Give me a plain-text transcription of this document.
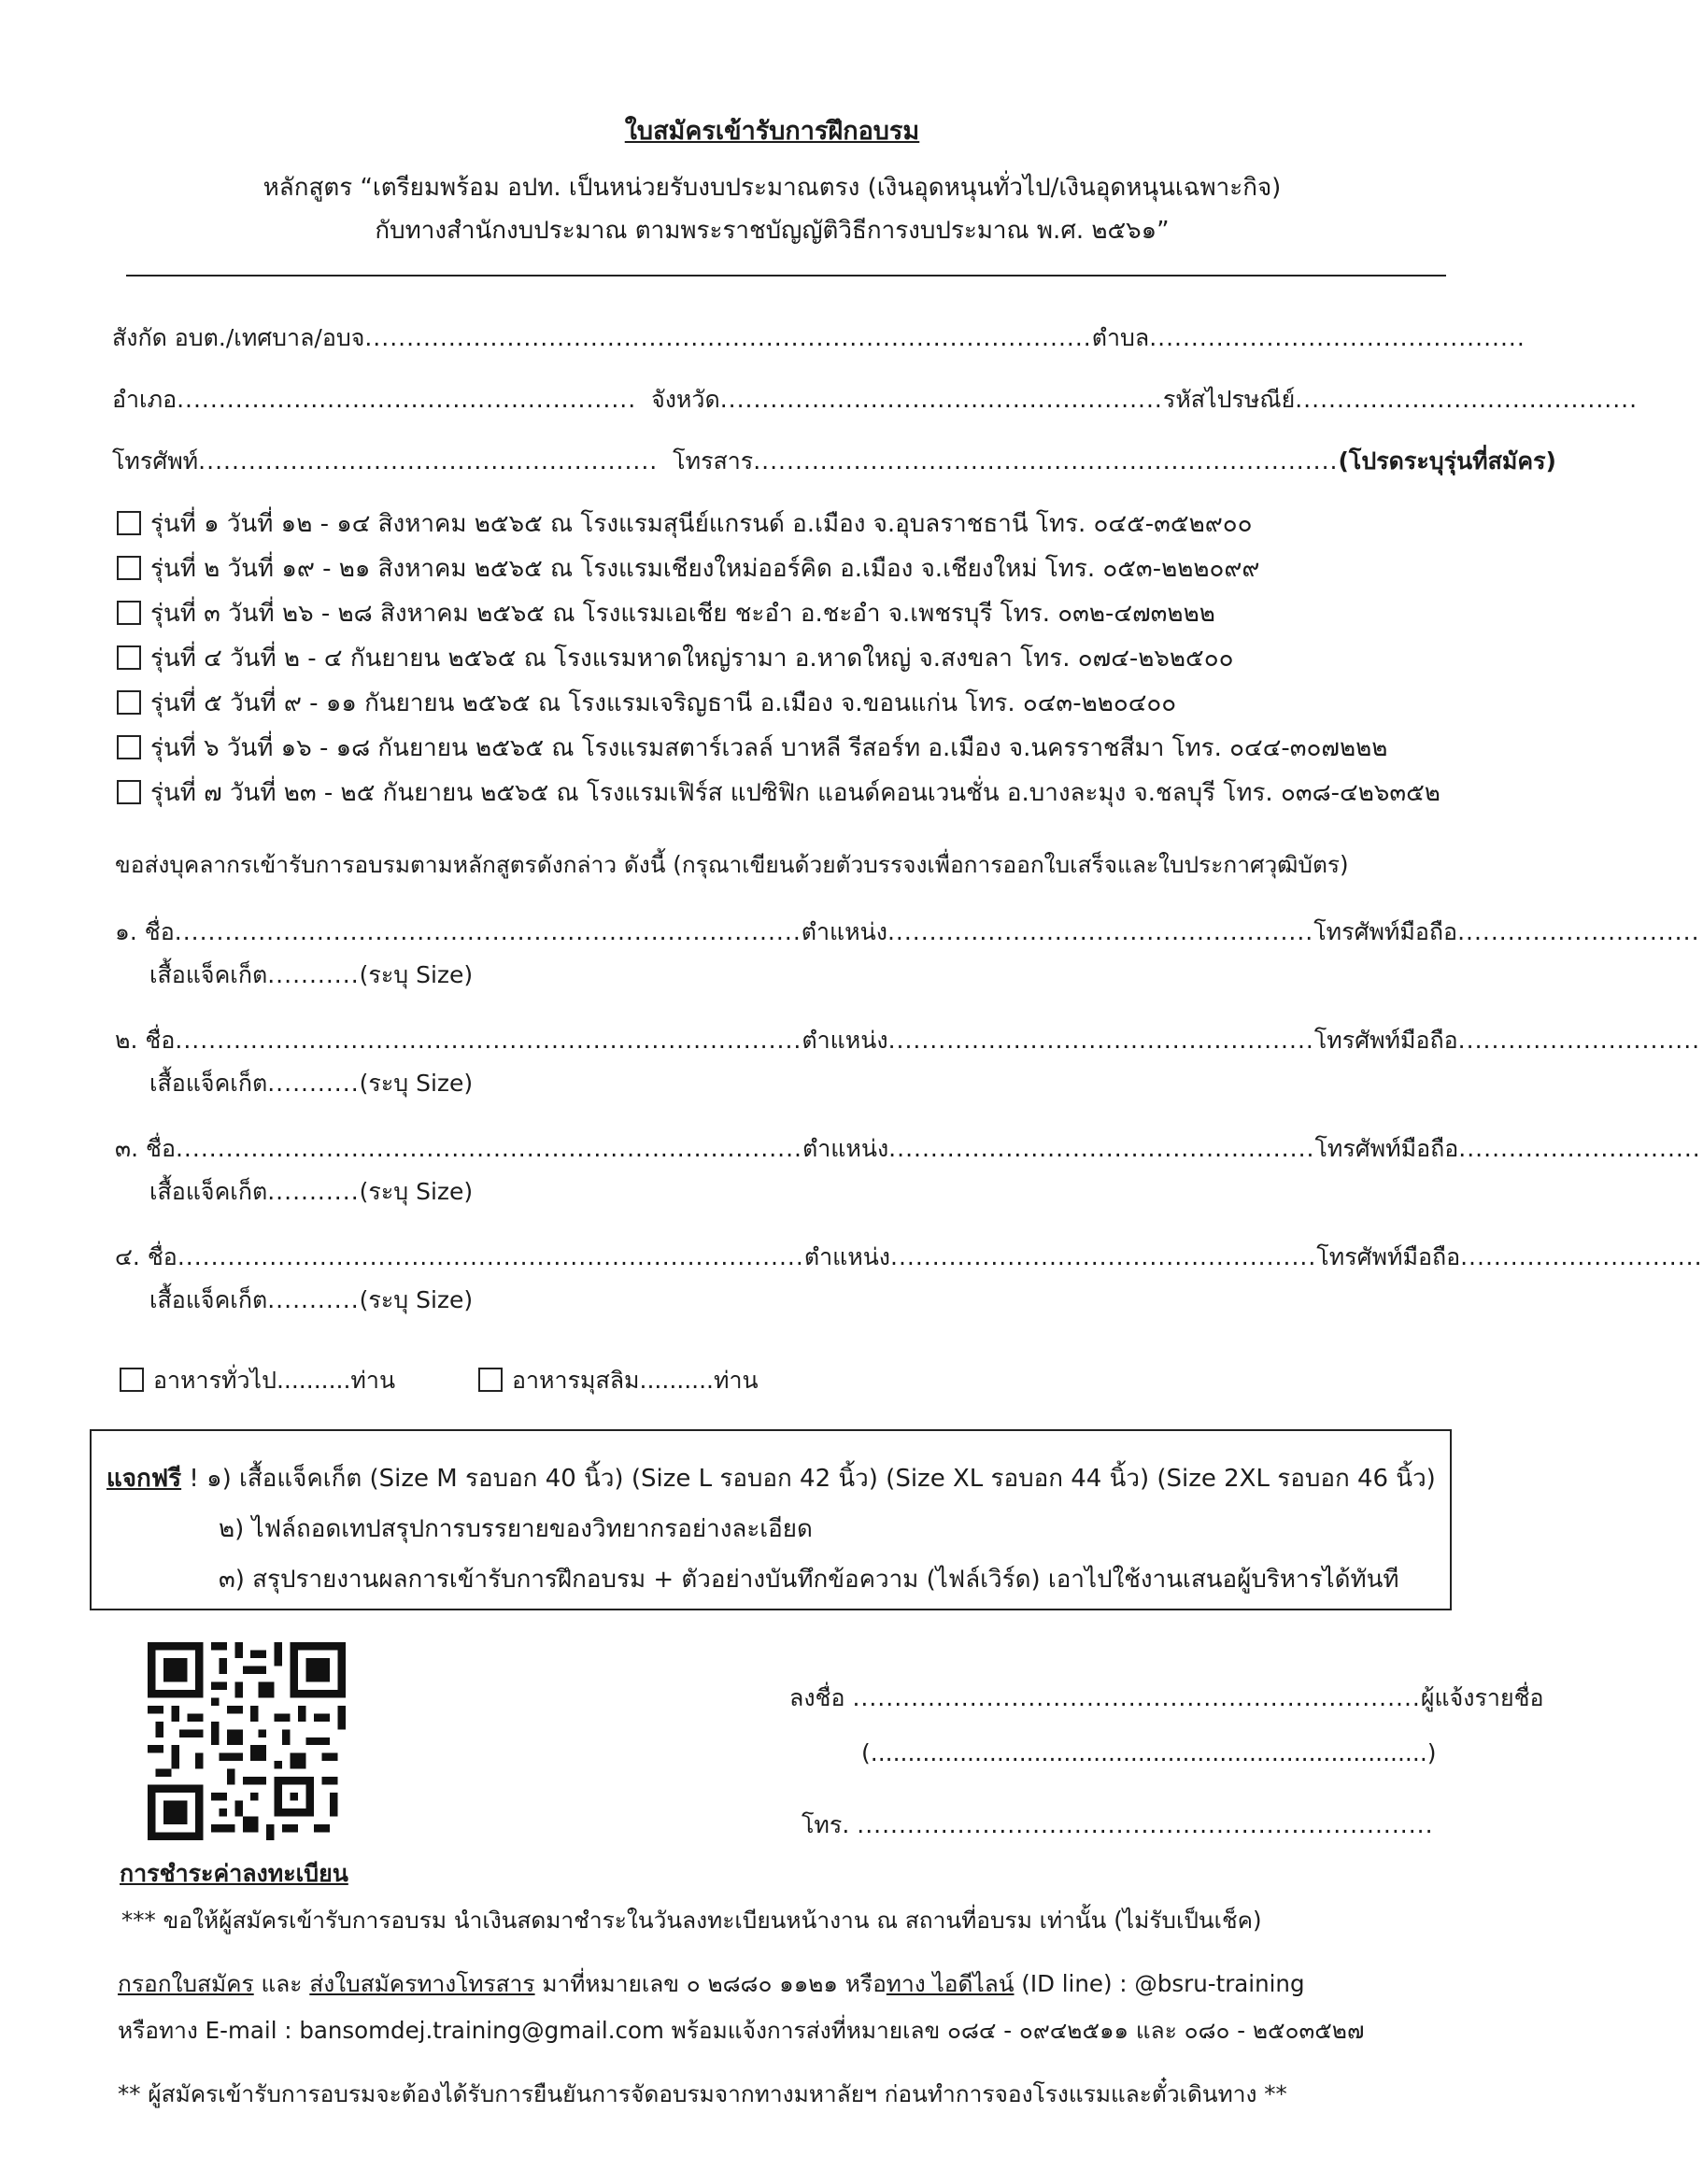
ใบสมัครเข้ารับการฝึกอบรม
หลักสูตร “เตรียมพร้อม อปท. เป็นหน่วยรับงบประมาณตรง (เงินอุดหนุนทั่วไป/เงินอุดหนุนเฉพาะกิจ)
กับทางสำนักงบประมาณ ตามพระราชบัญญัติวิธีการงบประมาณ พ.ศ. ๒๕๖๑”
สังกัด อบต./เทศบาล/อบจ.......................................................................................ตำบล.............................................
อำเภอ....................................................... จังหวัด.....................................................รหัสไปรษณีย์.........................................
โทรศัพท์....................................................... โทรสาร......................................................................(โปรดระบุรุ่นที่สมัคร)
รุ่นที่ ๑ วันที่ ๑๒ - ๑๔ สิงหาคม ๒๕๖๕ ณ โรงแรมสุนีย์แกรนด์ อ.เมือง จ.อุบลราชธานี โทร. ๐๔๕-๓๕๒๙๐๐
รุ่นที่ ๒ วันที่ ๑๙ - ๒๑ สิงหาคม ๒๕๖๕ ณ โรงแรมเชียงใหม่ออร์คิด อ.เมือง จ.เชียงใหม่ โทร. ๐๕๓-๒๒๒๐๙๙
รุ่นที่ ๓ วันที่ ๒๖ - ๒๘ สิงหาคม ๒๕๖๕ ณ โรงแรมเอเชีย ชะอำ อ.ชะอำ จ.เพชรบุรี โทร. ๐๓๒-๔๗๓๒๒๒
รุ่นที่ ๔ วันที่ ๒ - ๔ กันยายน ๒๕๖๕ ณ โรงแรมหาดใหญ่รามา อ.หาดใหญ่ จ.สงขลา โทร. ๐๗๔-๒๖๒๕๐๐
รุ่นที่ ๕ วันที่ ๙ - ๑๑ กันยายน ๒๕๖๕ ณ โรงแรมเจริญธานี อ.เมือง จ.ขอนแก่น โทร. ๐๔๓-๒๒๐๔๐๐
รุ่นที่ ๖ วันที่ ๑๖ - ๑๘ กันยายน ๒๕๖๕ ณ โรงแรมสตาร์เวลล์ บาหลี รีสอร์ท อ.เมือง จ.นครราชสีมา โทร. ๐๔๔-๓๐๗๒๒๒
รุ่นที่ ๗ วันที่ ๒๓ - ๒๕ กันยายน ๒๕๖๕ ณ โรงแรมเฟิร์ส แปซิฟิก แอนด์คอนเวนชั่น อ.บางละมุง จ.ชลบุรี โทร. ๐๓๘-๔๒๖๓๕๒
ขอส่งบุคลากรเข้ารับการอบรมตามหลักสูตรดังกล่าว ดังนี้ (กรุณาเขียนด้วยตัวบรรจงเพื่อการออกใบเสร็จและใบประกาศวุฒิบัตร)
๑. ชื่อ...........................................................................ตำแหน่ง...................................................โทรศัพท์มือถือ.............................
เสื้อแจ็คเก็ต...........(ระบุ Size)
๒. ชื่อ...........................................................................ตำแหน่ง...................................................โทรศัพท์มือถือ.............................
เสื้อแจ็คเก็ต...........(ระบุ Size)
๓. ชื่อ...........................................................................ตำแหน่ง...................................................โทรศัพท์มือถือ.............................
เสื้อแจ็คเก็ต...........(ระบุ Size)
๔. ชื่อ...........................................................................ตำแหน่ง...................................................โทรศัพท์มือถือ.............................
เสื้อแจ็คเก็ต...........(ระบุ Size)
อาหารทั่วไป..........ท่าน	อาหารมุสลิม..........ท่าน
แจกฟรี ! ๑) เสื้อแจ็คเก็ต (Size M รอบอก 40 นิ้ว) (Size L รอบอก 42 นิ้ว) (Size XL รอบอก 44 นิ้ว) (Size 2XL รอบอก 46 นิ้ว)
๒) ไฟล์ถอดเทปสรุปการบรรยายของวิทยากรอย่างละเอียด
๓) สรุปรายงานผลการเข้ารับการฝึกอบรม + ตัวอย่างบันทึกข้อความ (ไฟล์เวิร์ด) เอาไปใช้งานเสนอผู้บริหารได้ทันที
ลงชื่อ ....................................................................ผู้แจ้งรายชื่อ
(...........................................................................)
โทร. .....................................................................
การชำระค่าลงทะเบียน
*** ขอให้ผู้สมัครเข้ารับการอบรม นำเงินสดมาชำระในวันลงทะเบียนหน้างาน ณ สถานที่อบรม เท่านั้น (ไม่รับเป็นเช็ค)
กรอกใบสมัคร และ ส่งใบสมัครทางโทรสาร มาที่หมายเลข ๐ ๒๘๘๐ ๑๑๒๑ หรือทาง ไอดีไลน์ (ID line) : @bsru-training
หรือทาง E-mail : bansomdej.training@gmail.com พร้อมแจ้งการส่งที่หมายเลข ๐๘๔ - ๐๙๔๒๕๑๑ และ ๐๘๐ - ๒๕๐๓๕๒๗
** ผู้สมัครเข้ารับการอบรมจะต้องได้รับการยืนยันการจัดอบรมจากทางมหาลัยฯ ก่อนทำการจองโรงแรมและตั๋วเดินทาง **
